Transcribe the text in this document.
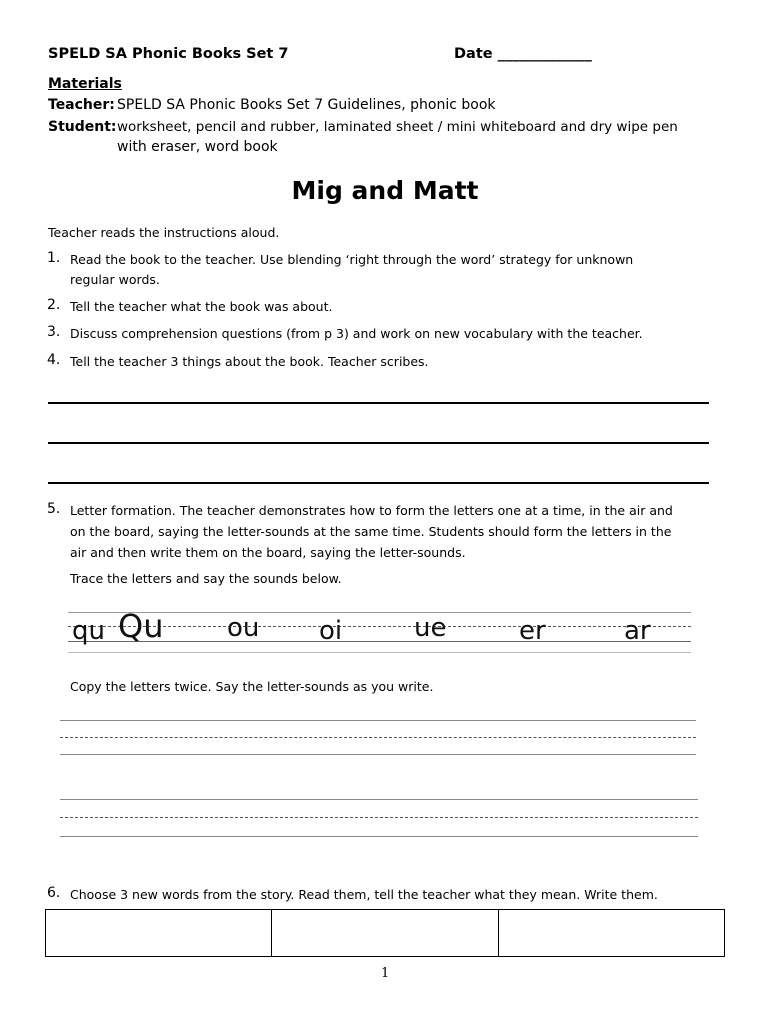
SPELD SA Phonic Books Set 7	Date _____________
Materials
Teacher: SPELD SA Phonic Books Set 7 Guidelines, phonic book
Student: worksheet, pencil and rubber, laminated sheet / mini whiteboard and dry wipe pen
with eraser, word book
Mig and Matt
Teacher reads the instructions aloud.
1. Read the book to the teacher. Use blending ‘right through the word’ strategy for unknown
regular words.
2. Tell the teacher what the book was about.
3. Discuss comprehension questions (from p 3) and work on new vocabulary with the teacher.
4. Tell the teacher 3 things about the book. Teacher scribes.
5. Letter formation. The teacher demonstrates how to form the letters one at a time, in the air and
on the board, saying the letter-sounds at the same time. Students should form the letters in the
air and then write them on the board, saying the letter-sounds.
Trace the letters and say the sounds below.
qu Qu ou oi	ue	er	ar
Copy the letters twice. Say the letter-sounds as you write.
6. Choose 3 new words from the story. Read them, tell the teacher what they mean. Write them.

1
